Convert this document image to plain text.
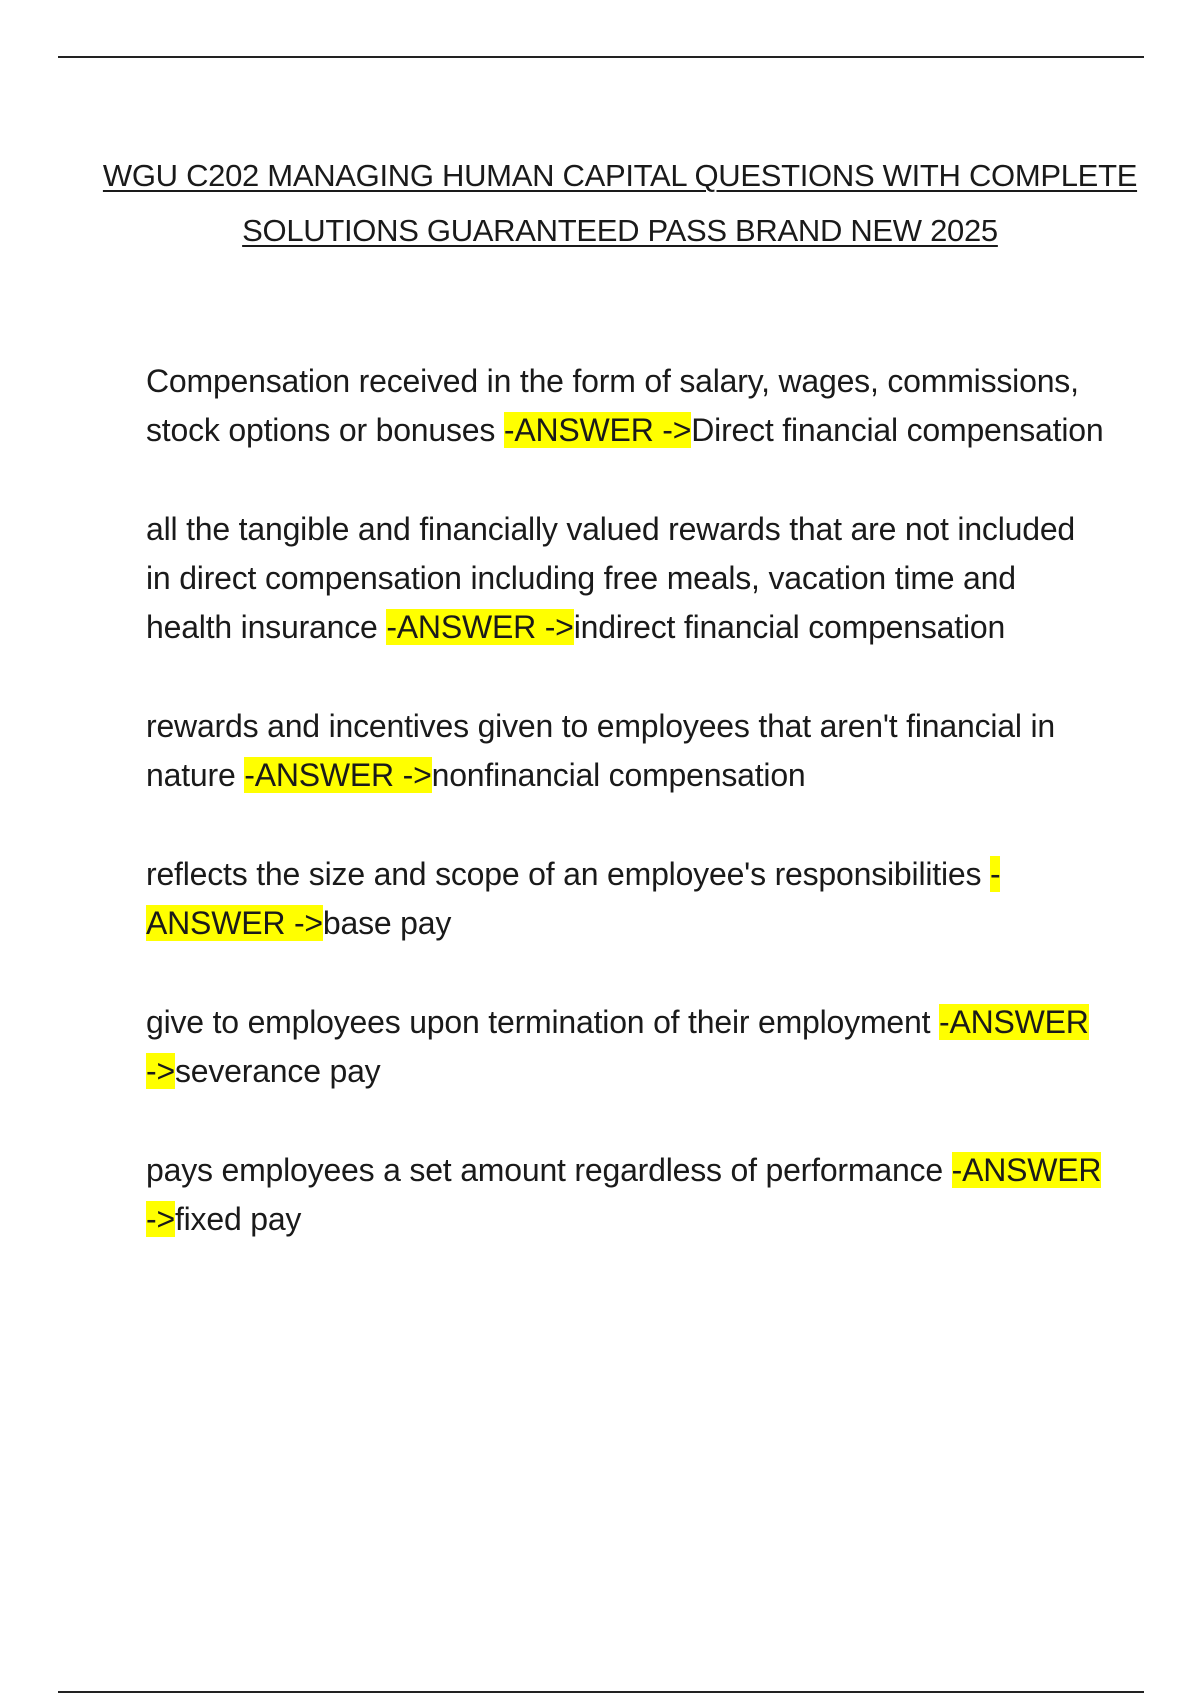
WGU C202 MANAGING HUMAN CAPITAL QUESTIONS WITH COMPLETE SOLUTIONS GUARANTEED PASS BRAND NEW 2025

Compensation received in the form of salary, wages, commissions, stock options or bonuses -ANSWER ->Direct financial compensation

all the tangible and financially valued rewards that are not included in direct compensation including free meals, vacation time and health insurance -ANSWER ->indirect financial compensation

rewards and incentives given to employees that aren't financial in nature -ANSWER ->nonfinancial compensation

reflects the size and scope of an employee's responsibilities -ANSWER ->base pay

give to employees upon termination of their employment -ANSWER ->severance pay

pays employees a set amount regardless of performance -ANSWER ->fixed pay
